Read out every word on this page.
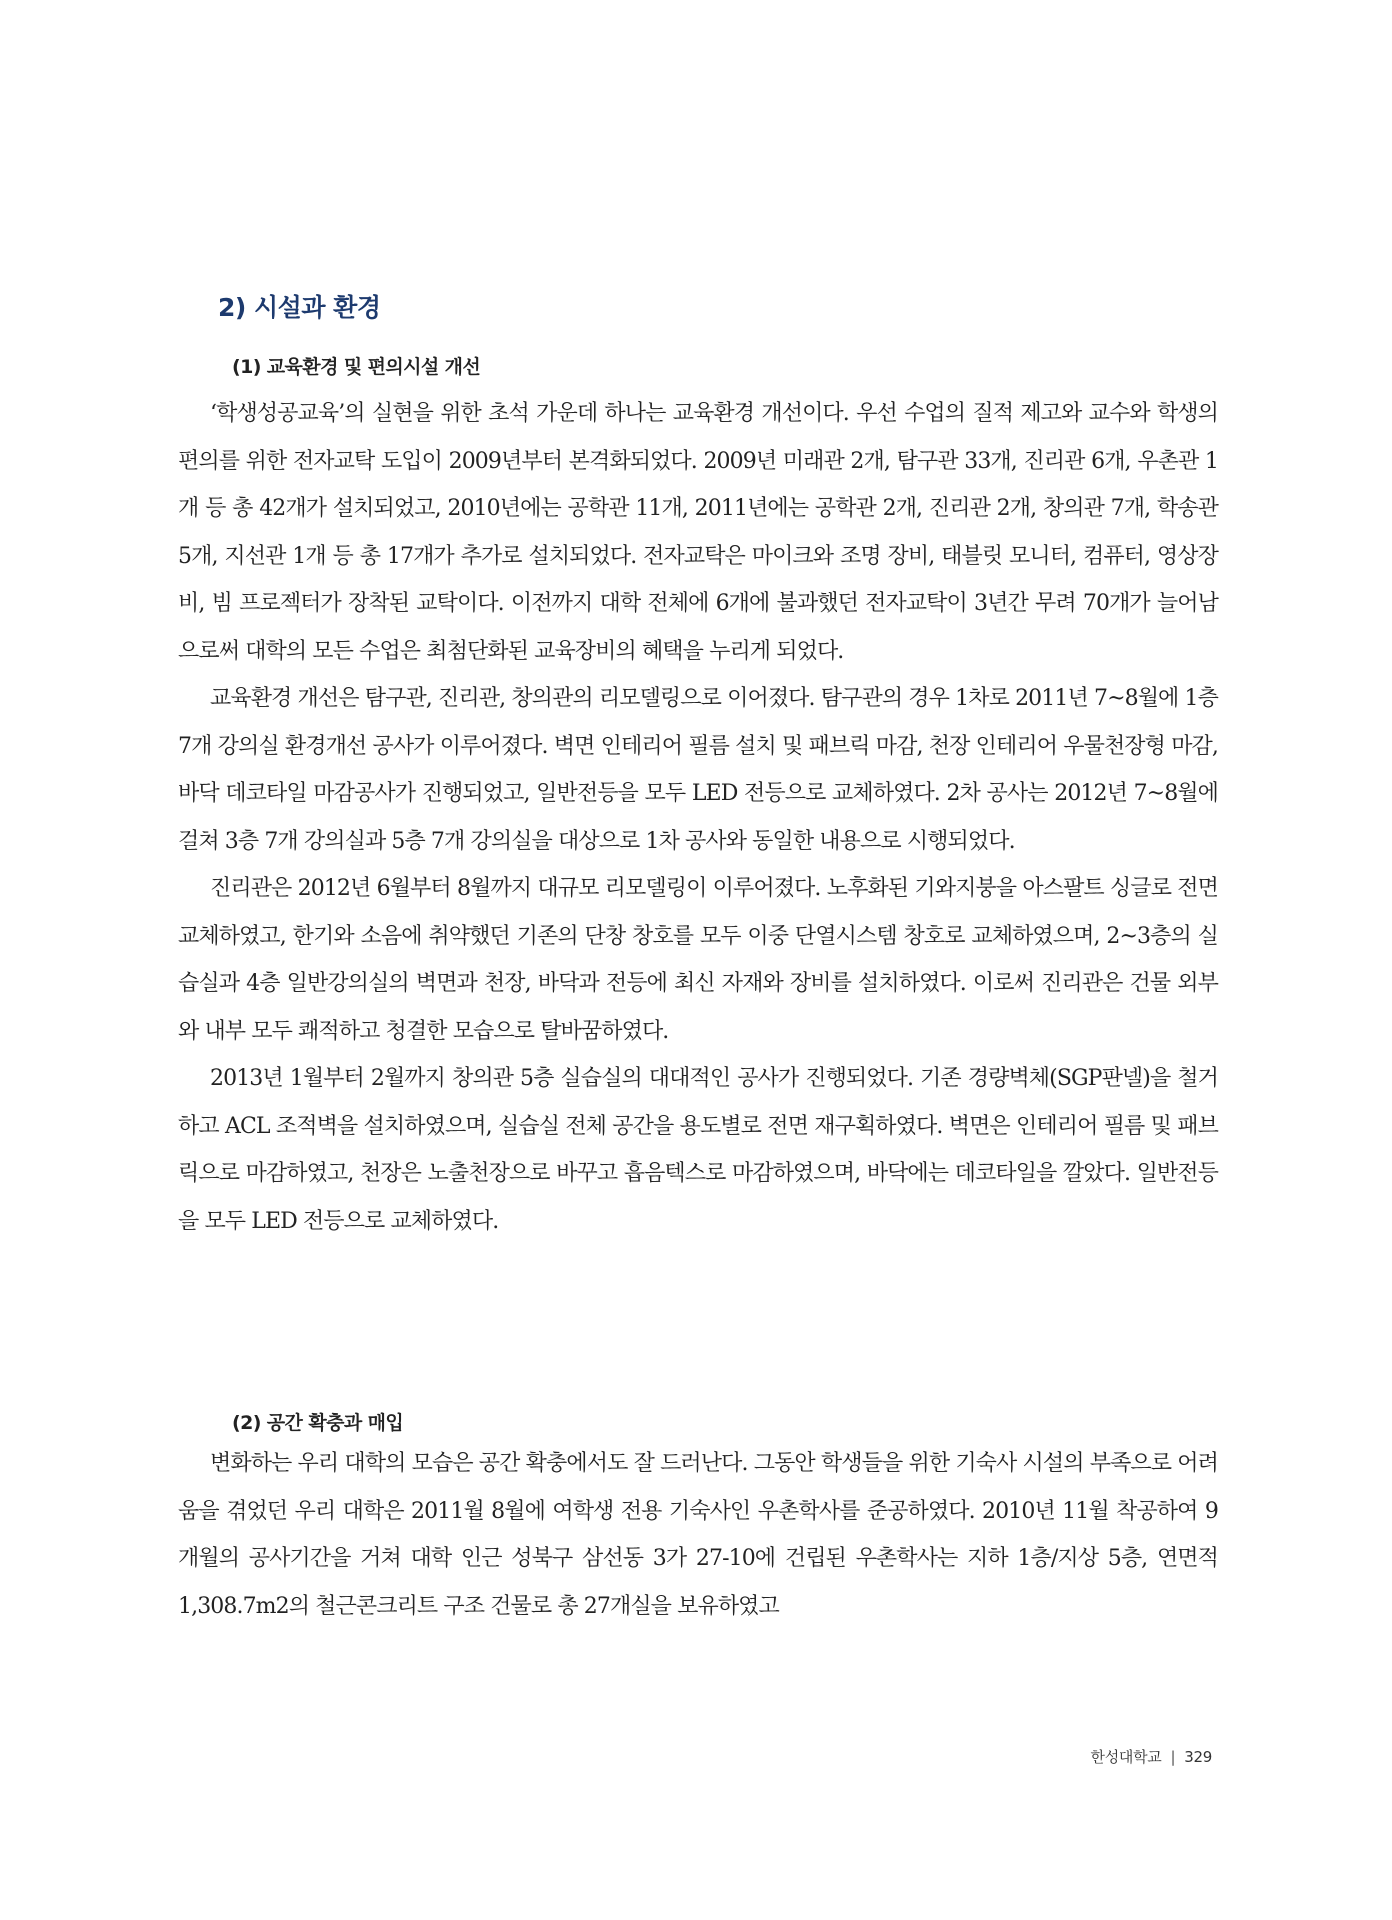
2) 시설과 환경
(1) 교육환경 및 편의시설 개선

‘학생성공교육’의 실현을 위한 초석 가운데 하나는 교육환경 개선이다. 우선 수업의 질적 제고와 교수와 학생의 편의를 위한 전자교탁 도입이 2009년부터 본격화되었다. 2009년 미래관 2개, 탐구관 33개, 진리관 6개, 우촌관 1개 등 총 42개가 설치되었고, 2010년에는 공학관 11개, 2011년에는 공학관 2개, 진리관 2개, 창의관 7개, 학송관 5개, 지선관 1개 등 총 17개가 추가로 설치되었다. 전자교탁은 마이크와 조명 장비, 태블릿 모니터, 컴퓨터, 영상장비, 빔 프로젝터가 장착된 교탁이다. 이전까지 대학 전체에 6개에 불과했던 전자교탁이 3년간 무려 70개가 늘어남으로써 대학의 모든 수업은 최첨단화된 교육장비의 혜택을 누리게 되었다.

교육환경 개선은 탐구관, 진리관, 창의관의 리모델링으로 이어졌다. 탐구관의 경우 1차로 2011년 7~8월에 1층 7개 강의실 환경개선 공사가 이루어졌다. 벽면 인테리어 필름 설치 및 패브릭 마감, 천장 인테리어 우물천장형 마감, 바닥 데코타일 마감공사가 진행되었고, 일반전등을 모두 LED 전등으로 교체하였다. 2차 공사는 2012년 7~8월에 걸쳐 3층 7개 강의실과 5층 7개 강의실을 대상으로 1차 공사와 동일한 내용으로 시행되었다.

진리관은 2012년 6월부터 8월까지 대규모 리모델링이 이루어졌다. 노후화된 기와지붕을 아스팔트 싱글로 전면 교체하였고, 한기와 소음에 취약했던 기존의 단창 창호를 모두 이중 단열시스템 창호로 교체하였으며, 2~3층의 실습실과 4층 일반강의실의 벽면과 천장, 바닥과 전등에 최신 자재와 장비를 설치하였다. 이로써 진리관은 건물 외부와 내부 모두 쾌적하고 청결한 모습으로 탈바꿈하였다.

2013년 1월부터 2월까지 창의관 5층 실습실의 대대적인 공사가 진행되었다. 기존 경량벽체(SGP판넬)을 철거하고 ACL 조적벽을 설치하였으며, 실습실 전체 공간을 용도별로 전면 재구획하였다. 벽면은 인테리어 필름 및 패브릭으로 마감하였고, 천장은 노출천장으로 바꾸고 흡음텍스로 마감하였으며, 바닥에는 데코타일을 깔았다. 일반전등을 모두 LED 전등으로 교체하였다.

(2) 공간 확충과 매입

변화하는 우리 대학의 모습은 공간 확충에서도 잘 드러난다. 그동안 학생들을 위한 기숙사 시설의 부족으로 어려움을 겪었던 우리 대학은 2011월 8월에 여학생 전용 기숙사인 우촌학사를 준공하였다. 2010년 11월 착공하여 9개월의 공사기간을 거쳐 대학 인근 성북구 삼선동 3가 27-10에 건립된 우촌학사는 지하 1층/지상 5층, 연면적 1,308.7m2의 철근콘크리트 구조 건물로 총 27개실을 보유하였고

한성대학교 | 329
